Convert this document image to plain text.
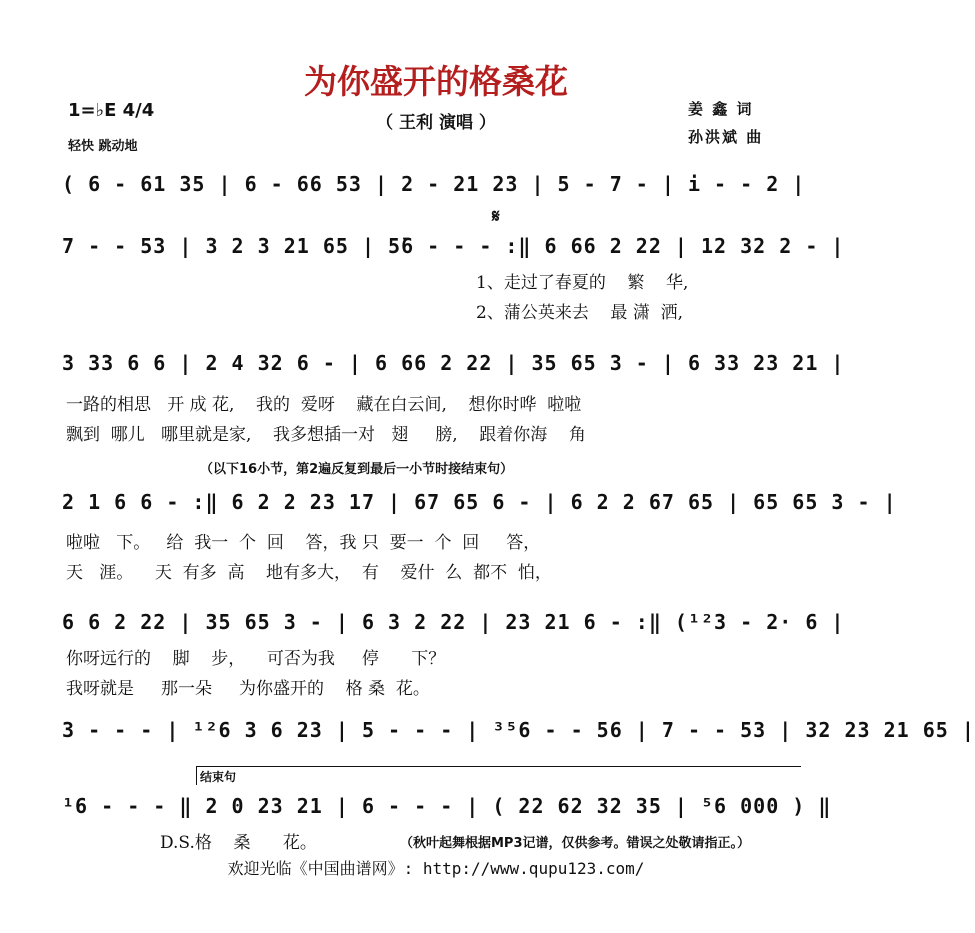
为你盛开的格桑花
（ 王利 演唱 ）
1=♭E 4/4
轻快 跳动地
姜 鑫 词
孙洪斌 曲
( 6 - 61 35 | 6 - 66 53 | 2 - 21 23 | 5 - 7 - | i - - 2 |
𝄋
7 - - 53 | 3 2 3 21 65 | 5̄6 - - - :‖ 6 66 2 22 | 12 32 2 - |
1、走过了春夏的    繁    华,
2、蒲公英来去    最 潇  洒,
3 33 6 6 | 2 4 32 6 - | 6 66 2 22 | 35 65 3 - | 6 33 23 21 |
一路的相思   开 成 花,    我的  爱呀    藏在白云间,    想你时哗  啦啦
飘到  哪儿   哪里就是家,    我多想插一对   翅     膀,    跟着你海    角
（以下16小节，第2遍反复到最后一小节时接结束句）
2 1 6 6 - :‖ 6 2 2 23 17 | 67 65 6 - | 6 2 2 67 65 | 65 65 3 - |
啦啦   下。   给  我一  个  回    答，我 只  要一  个  回     答，
天   涯。    天  有多  高    地有多大，  有    爱什  么  都不  怕，
6 6 2 22 | 35 65 3 - | 6 3 2 22 | 23 21 6 - :‖ (¹²3 - 2· 6 |
你呀远行的    脚    步，    可否为我     停      下？
我呀就是     那一朵     为你盛开的    格 桑  花。
3 - - - | ¹²6 3 6 23 | 5 - - - | ³⁵6 - - 56 | 7 - - 53 | 32 23 21 65 |
结束句
¹6 - - - ‖ 2 0 23 21 | 6 - - - | ( 22 62 32 35 | ⁵6 000 ) ‖
D.S.格    桑      花。	（秋叶起舞根据MP3记谱，仅供参考。错误之处敬请指正。）
欢迎光临《中国曲谱网》: http://www.qupu123.com/
